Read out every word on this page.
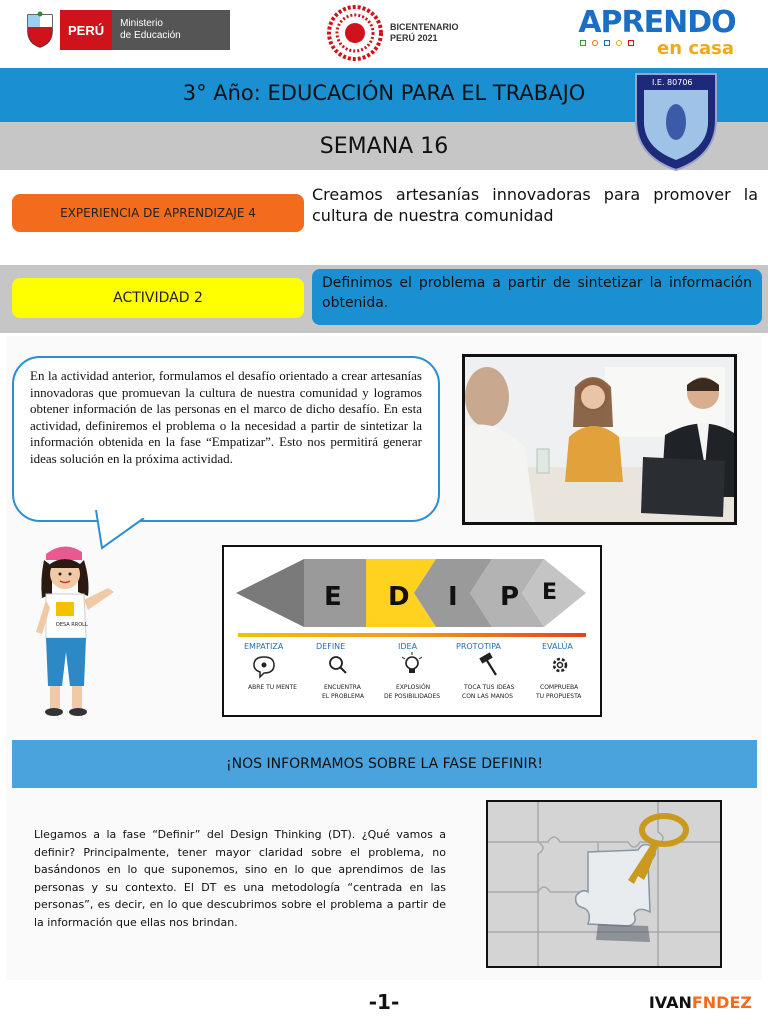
PERÚ	Ministerio
de Educación
BICENTENARIO
PERÚ 2021	APRENDO
en casa
3° Año: EDUCACIÓN PARA EL TRABAJO
SEMANA 16
I.E. 80706
EXPERIENCIA DE APRENDIZAJE 4
Creamos artesanías innovadoras para promover la cultura de nuestra comunidad
ACTIVIDAD 2
Definimos el problema a partir de sintetizar la información obtenida.
En la actividad anterior, formulamos el desafío orientado a crear artesanías innovadoras que promuevan la cultura de nuestra comunidad y logramos obtener información de las personas en el marco de dicho desafío. En esta actividad, definiremos el problema o la necesidad a partir de sintetizar la información obtenida en la fase “Empatizar”. Esto nos permitirá generar ideas solución en la próxima actividad.
DESA RROLL
E D I P E
EMPATIZA	DEFINE	IDEA	PROTOTIPA	EVALÚA
ABRE TU MENTE	ENCUENTRA
EL PROBLEMA
EXPLOSIÓN
DE POSIBILIDADES
TOCA TUS IDEAS
CON LAS MANOS
COMPRUEBA
TU PROPUESTA
¡NOS INFORMAMOS SOBRE LA FASE DEFINIR!
Llegamos a la fase “Definir” del Design Thinking (DT). ¿Qué vamos a definir? Principalmente, tener mayor claridad sobre el problema, no basándonos en lo que suponemos, sino en lo que aprendimos de las personas y su contexto. El DT es una metodología “centrada en las personas”, es decir, en lo que descubrimos sobre el problema a partir de la información que ellas nos brindan.
-1-	IVANFNDEZ
